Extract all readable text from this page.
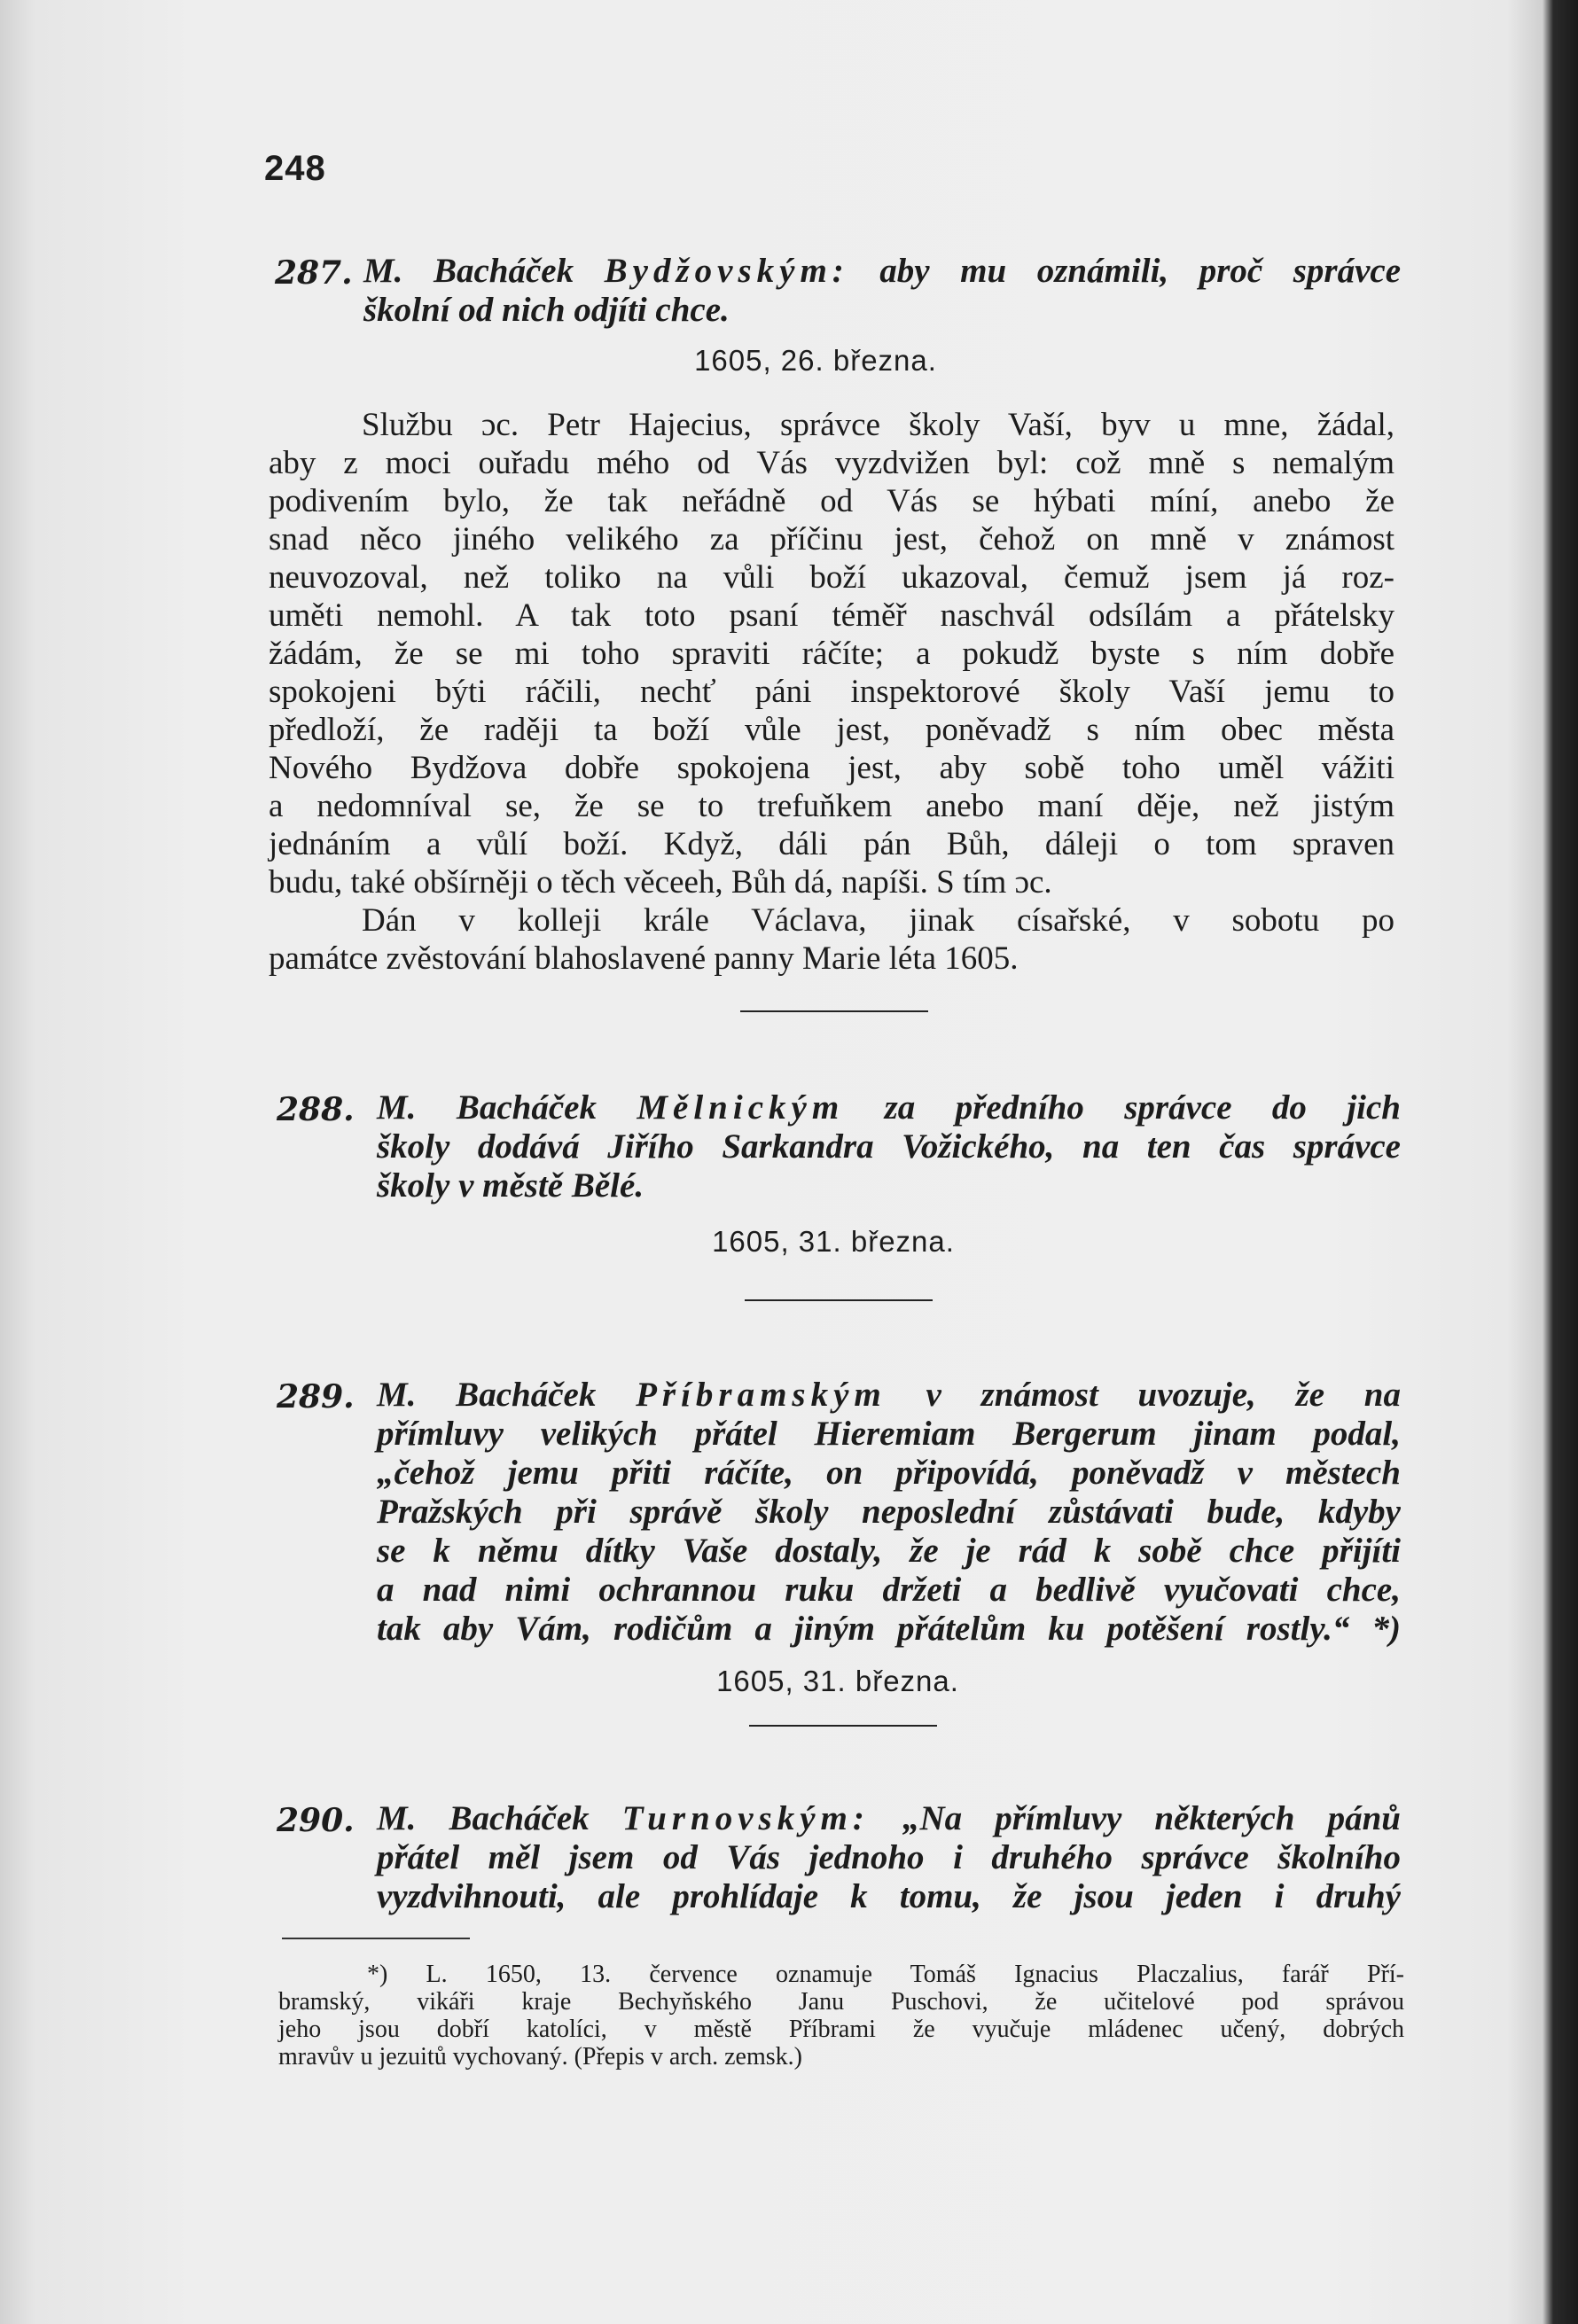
248
287. M. Bacháček Bydžovským: aby mu oznámili, proč správce
školní od nich odjíti chce.
1605, 26. března.
Službu ɔc. Petr Hajecius, správce školy Vaší, byv u mne, žádal,
aby z moci ouřadu mého od Vás vyzdvižen byl: což mně s nemalým
podivením bylo, že tak neřádně od Vás se hýbati míní, anebo že
snad něco jiného velikého za příčinu jest, čehož on mně v známost
neuvozoval, než toliko na vůli boží ukazoval, čemuž jsem já roz-
uměti nemohl. A tak toto psaní téměř naschvál odsílám a přátelsky
žádám, že se mi toho spraviti ráčíte; a pokudž byste s ním dobře
spokojeni býti ráčili, nechť páni inspektorové školy Vaší jemu to
předloží, že raději ta boží vůle jest, poněvadž s ním obec města
Nového Bydžova dobře spokojena jest, aby sobě toho uměl vážiti
a nedomníval se, že se to trefuňkem anebo maní děje, než jistým
jednáním a vůlí boží. Když, dáli pán Bůh, dáleji o tom spraven
budu, také obšírněji o těch věceeh, Bůh dá, napíši. S tím ɔc.
Dán v kolleji krále Václava, jinak císařské, v sobotu po
památce zvěstování blahoslavené panny Marie léta 1605.
288. M. Bacháček Mělnickým za předního správce do jich
školy dodává Jiřího Sarkandra Vožického, na ten čas správce
školy v městě Bělé.
1605, 31. března.
289. M. Bacháček Příbramským v známost uvozuje, že na
přímluvy velikých přátel Hieremiam Bergerum jinam podal,
„čehož jemu přiti ráčíte, on připovídá, poněvadž v městech
Pražských při správě školy neposlední zůstávati bude, kdyby
se k němu dítky Vaše dostaly, že je rád k sobě chce přijíti
a nad nimi ochrannou ruku držeti a bedlivě vyučovati chce,
tak aby Vám, rodičům a jiným přátelům ku potěšení rostly.“ *)
1605, 31. března.
290. M. Bacháček Turnovským: „Na přímluvy některých pánů
přátel měl jsem od Vás jednoho i druhého správce školního
vyzdvihnouti, ale prohlídaje k tomu, že jsou jeden i druhý
*) L. 1650, 13. července oznamuje Tomáš Ignacius Placzalius, farář Pří-
bramský, vikáři kraje Bechyňského Janu Puschovi, že učitelové pod správou
jeho jsou dobří katolíci, v městě Příbrami že vyučuje mládenec učený, dobrých
mravův u jezuitů vychovaný. (Přepis v arch. zemsk.)
